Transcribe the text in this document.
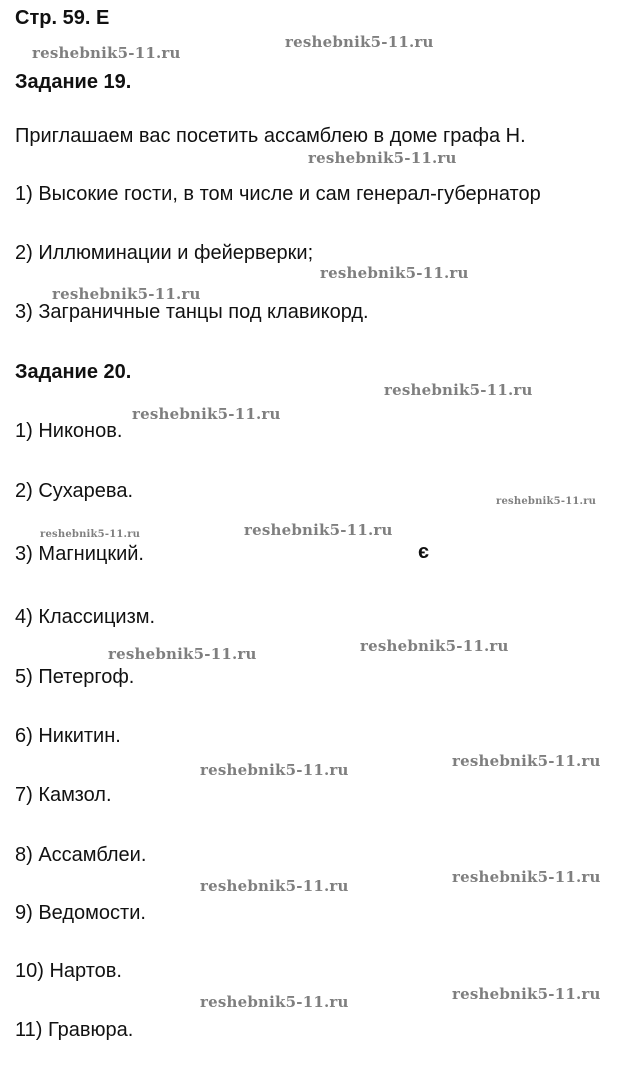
Стр. 59. Е
Задание 19.
Приглашаем вас посетить ассамблею в доме графа Н.
1) Высокие гости, в том числе и сам генерал-губернатор
2) Иллюминации и фейерверки;
3) Заграничные танцы под клавикорд.
Задание 20.
1) Никонов.
2) Сухарева.
3) Магницкий.
4) Классицизм.
5) Петергоф.
6) Никитин.
7) Камзол.
8) Ассамблеи.
9) Ведомости.
10) Нартов.
11) Гравюра.
є
reshebnik5-11.ru
reshebnik5-11.ru
reshebnik5-11.ru
reshebnik5-11.ru
reshebnik5-11.ru
reshebnik5-11.ru
reshebnik5-11.ru
reshebnik5-11.ru
reshebnik5-11.ru	reshebnik5-11.ru
reshebnik5-11.ru
reshebnik5-11.ru
reshebnik5-11.ru
reshebnik5-11.ru
reshebnik5-11.ru
reshebnik5-11.ru
reshebnik5-11.ru
reshebnik5-11.ru
